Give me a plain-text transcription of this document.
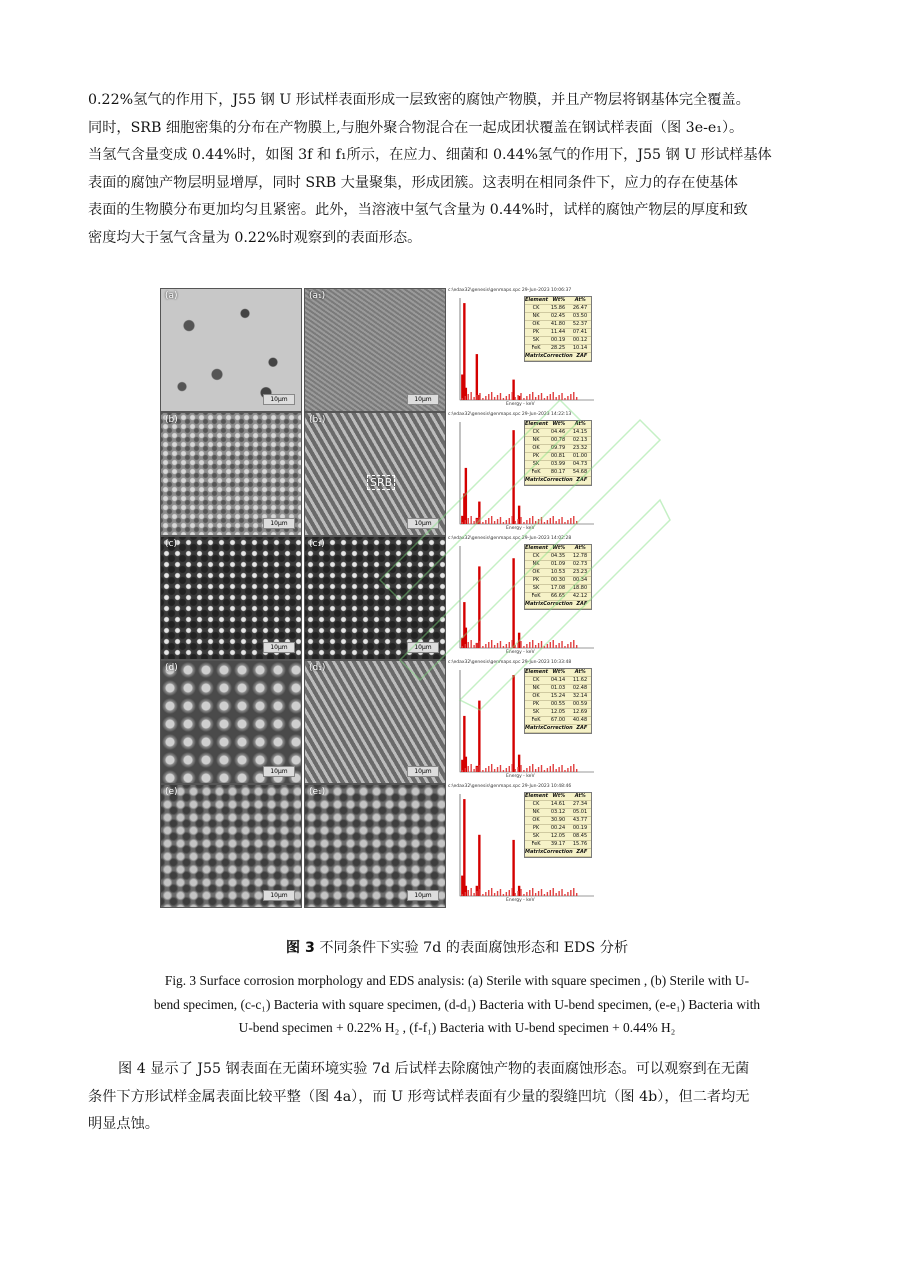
0.22%氢气的作用下，J55 钢 U 形试样表面形成一层致密的腐蚀产物膜，并且产物层将钢基体完全覆盖。
同时，SRB 细胞密集的分布在产物膜上,与胞外聚合物混合在一起成团状覆盖在钢试样表面（图 3e-e₁）。
当氢气含量变成 0.44%时，如图 3f 和 f₁所示，在应力、细菌和 0.44%氢气的作用下，J55 钢 U 形试样基体
表面的腐蚀产物层明显增厚，同时 SRB 大量聚集，形成团簇。这表明在相同条件下，应力的存在使基体
表面的生物膜分布更加均匀且紧密。此外，当溶液中氢气含量为 0.44%时，试样的腐蚀产物层的厚度和致
密度均大于氢气含量为 0.22%时观察到的表面形态。
(a)
10μm
(a₁)
10μm
c:\edax32\genesis\genmaps.spc 29-Jun-2023 10:06:37
Energy - keV
Element Wt%	At%
CK	15.86	26.47
NK	02.45	03.50
OK	41.80	52.37
PK	11.44	07.41
SK	00.19	00.12
FeK	28.25	10.14
Matrix Correction ZAF
(b)
10μm
(b₁)
10μm
SRB
c:\edax32\genesis\genmaps.spc 29-Jun-2023 14:22:13
Energy - keV
Element Wt%	At%
CK	04.46	14.15
NK	00.78	02.13
OK	09.79	23.32
PK	00.81	01.00
SK	03.99	04.73
FeK	80.17	54.68
Matrix Correction ZAF
(c)
10μm
(c₁)
10μm
c:\edax32\genesis\genmaps.spc 29-Jun-2023 14:02:28
Energy - keV
Element Wt%	At%
CK	04.35	12.78
NK	01.09	02.73
OK	10.53	23.23
PK	00.30	00.34
SK	17.08	18.80
FeK	66.65	42.12
Matrix Correction ZAF
(d)
10μm
(d₁)
10μm
c:\edax32\genesis\genmaps.spc 29-Jun-2023 10:33:48
Energy - keV
Element Wt%	At%
CK	04.14	11.62
NK	01.03	02.48
OK	15.24	32.14
PK	00.55	00.59
SK	12.05	12.69
FeK	67.00	40.48
Matrix Correction ZAF
(e)
10μm
(e₁)
10μm
c:\edax32\genesis\genmaps.spc 29-Jun-2023 10:48:46
Energy - keV
Element Wt%	At%
CK	14.61	27.34
NK	03.12	05.01
OK	30.90	43.77
PK	00.24	00.19
SK	12.05	08.45
FeK	39.17	15.76
Matrix Correction ZAF
图 3 不同条件下实验 7d 的表面腐蚀形态和 EDS 分析
Fig. 3 Surface corrosion morphology and EDS analysis: (a) Sterile with square specimen , (b) Sterile with U-
bend specimen, (c-c₁) Bacteria with square specimen, (d-d₁) Bacteria with U-bend specimen, (e-e₁) Bacteria with
U-bend specimen + 0.22% H₂ , (f-f₁) Bacteria with U-bend specimen + 0.44% H₂
图 4 显示了 J55 钢表面在无菌环境实验 7d 后试样去除腐蚀产物的表面腐蚀形态。可以观察到在无菌
条件下方形试样金属表面比较平整（图 4a），而 U 形弯试样表面有少量的裂缝凹坑（图 4b），但二者均无
明显点蚀。
